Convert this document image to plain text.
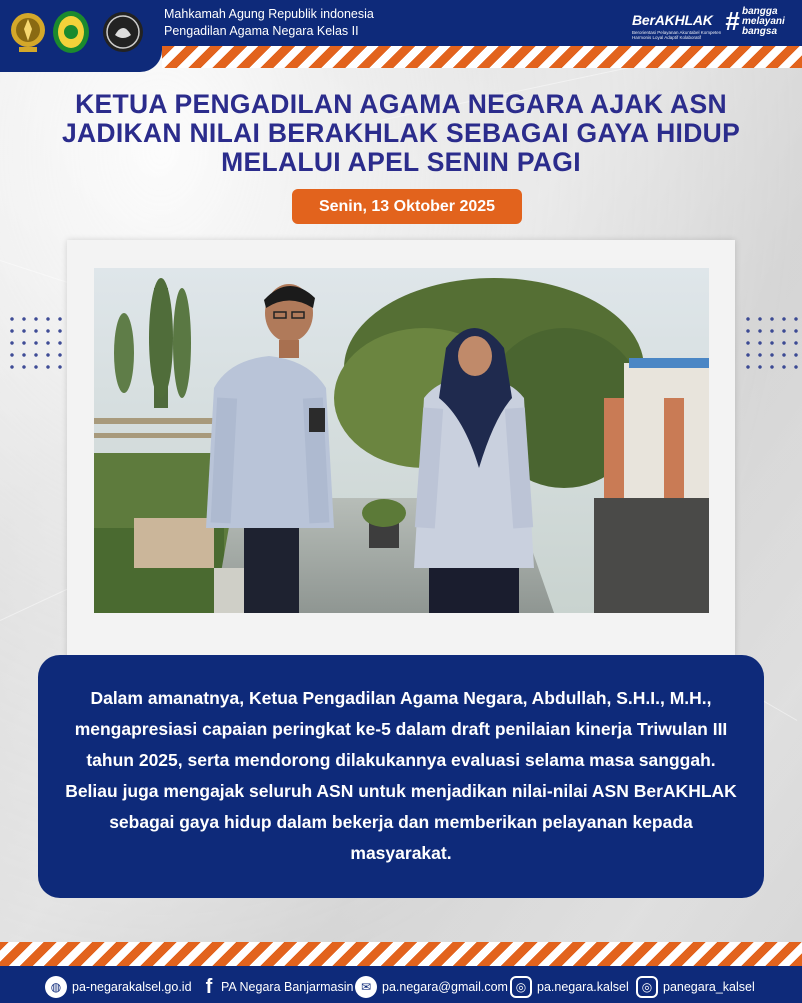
Mahkamah Agung Republik indonesia
Pengadilan Agama Negara Kelas II
BerAKHLAK
Berorientasi Pelayanan Akuntabel Kompeten Harmonis Loyal Adaptif Kolaboratif
# bangga
melayani
bangsa
KETUA PENGADILAN AGAMA NEGARA AJAK ASN
JADIKAN NILAI BERAKHLAK SEBAGAI GAYA HIDUP
MELALUI APEL SENIN PAGI
Senin, 13 Oktober 2025
Dalam amanatnya, Ketua Pengadilan Agama Negara, Abdullah, S.H.I., M.H., mengapresiasi capaian peringkat ke-5 dalam draft penilaian kinerja Triwulan III tahun 2025, serta mendorong dilakukannya evaluasi selama masa sanggah. Beliau juga mengajak seluruh ASN untuk menjadikan nilai-nilai ASN BerAKHLAK sebagai gaya hidup dalam bekerja dan memberikan pelayanan kepada masyarakat.
◍ pa-negarakalsel.go.id f PA Negara Banjarmasin ✉ pa.negara@gmail.com ◎ pa.negara.kalsel	◎ panegara_kalsel
